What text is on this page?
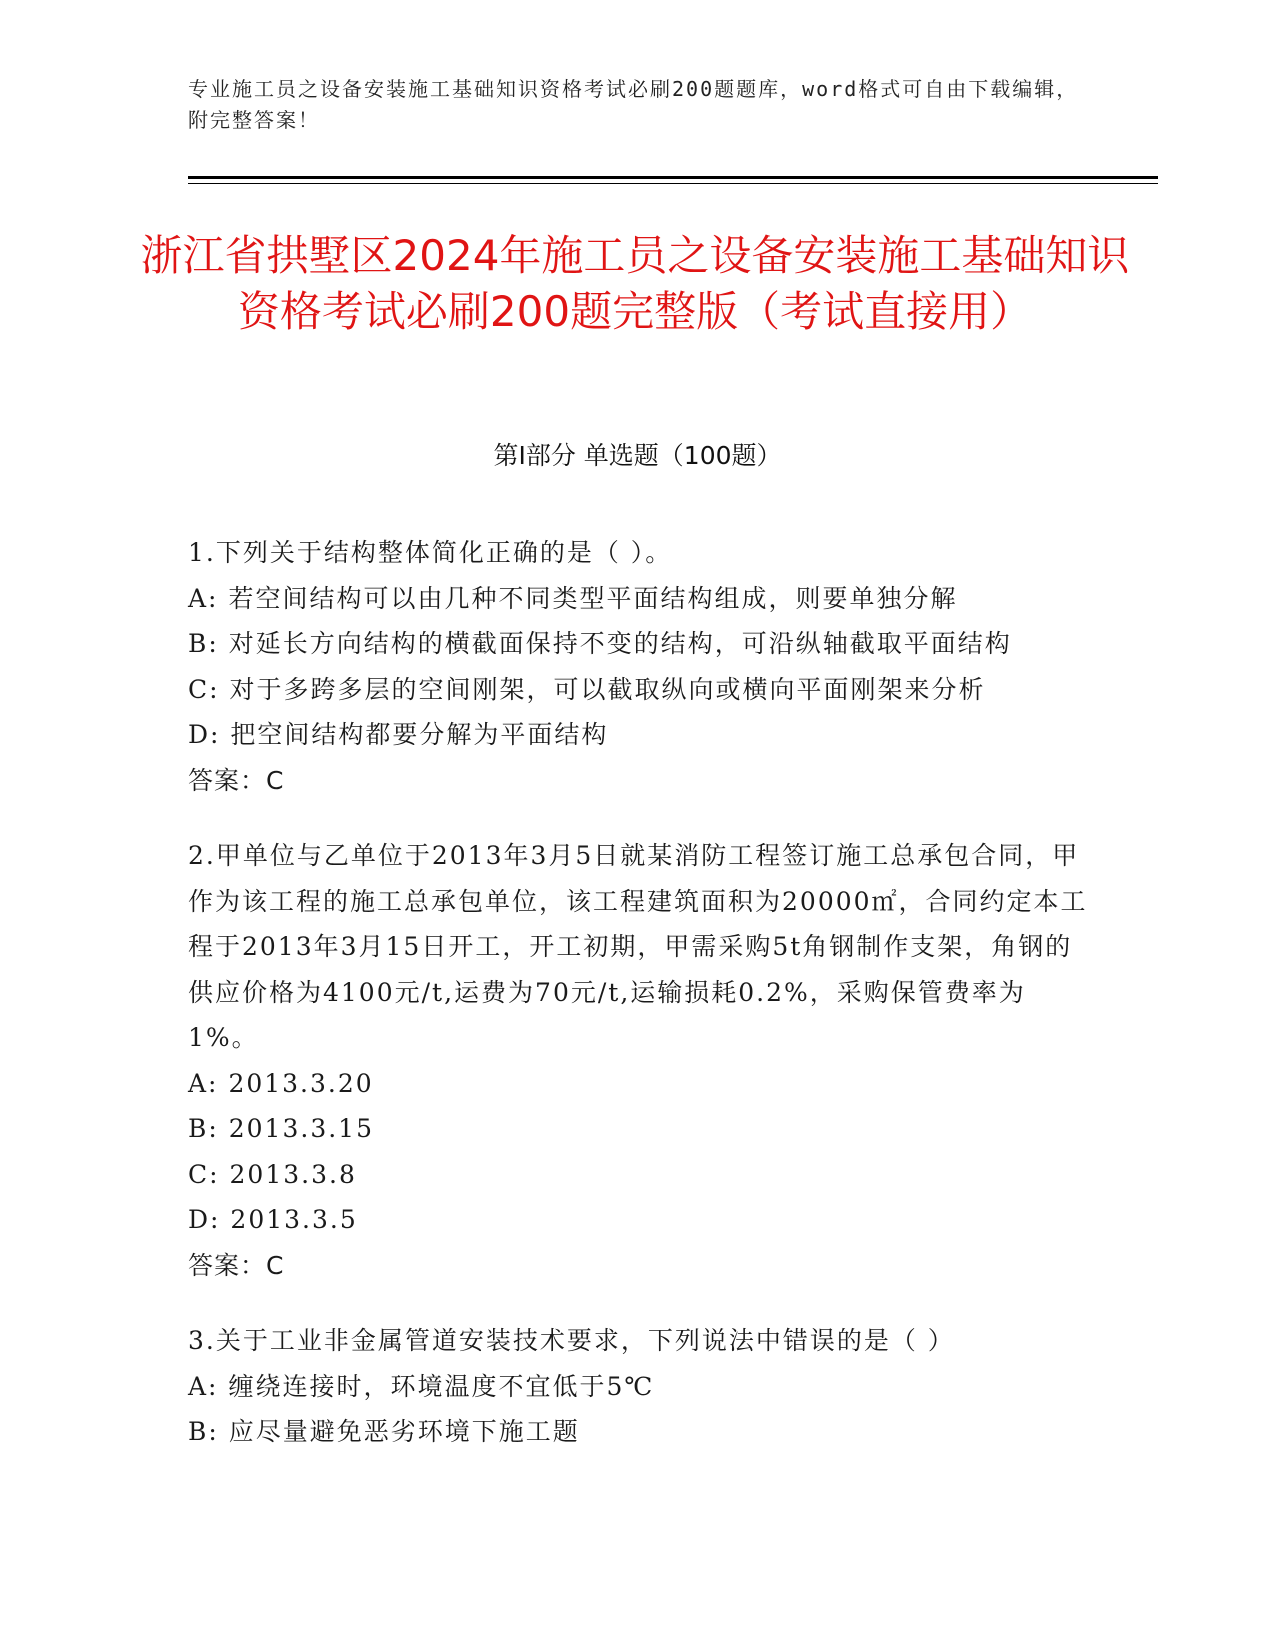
专业施工员之设备安装施工基础知识资格考试必刷200题题库，word格式可自由下载编辑，附完整答案！
浙江省拱墅区2024年施工员之设备安装施工基础知识资格考试必刷200题完整版（考试直接用）
第Ⅰ部分 单选题（100题）
1.下列关于结构整体简化正确的是（ ）。
A: 若空间结构可以由几种不同类型平面结构组成，则要单独分解
B: 对延长方向结构的横截面保持不变的结构，可沿纵轴截取平面结构
C: 对于多跨多层的空间刚架，可以截取纵向或横向平面刚架来分析
D: 把空间结构都要分解为平面结构
答案：C
2.甲单位与乙单位于2013年3月5日就某消防工程签订施工总承包合同，甲作为该工程的施工总承包单位，该工程建筑面积为20000㎡，合同约定本工程于2013年3月15日开工，开工初期，甲需采购5t角钢制作支架，角钢的供应价格为4100元/t,运费为70元/t,运输损耗0.2%，采购保管费率为1%。
A: 2013.3.20
B: 2013.3.15
C: 2013.3.8
D: 2013.3.5
答案：C
3.关于工业非金属管道安装技术要求，下列说法中错误的是（ ）
A: 缠绕连接时，环境温度不宜低于5℃
B: 应尽量避免恶劣环境下施工题
